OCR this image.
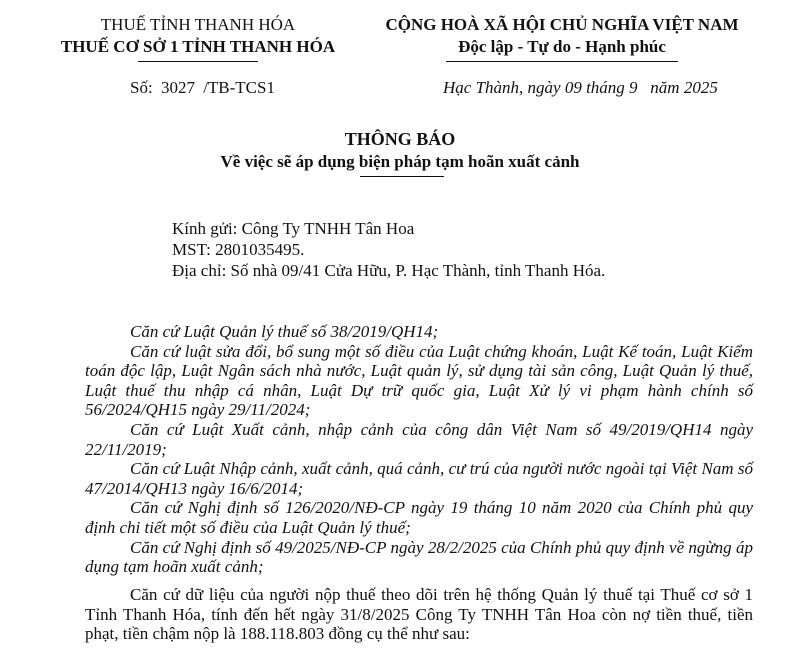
THUẾ TỈNH THANH HÓA
THUẾ CƠ SỞ 1 TỈNH THANH HÓA
CỘNG HOÀ XÃ HỘI CHỦ NGHĨA VIỆT NAM
Độc lập - Tự do - Hạnh phúc
Số: 3027 /TB-TCS1	Hạc Thành, ngày 09 tháng 9   năm 2025
THÔNG BÁO
Về việc sẽ áp dụng biện pháp tạm hoãn xuất cảnh
Kính gửi: Công Ty TNHH Tân Hoa
MST: 2801035495.
Địa chỉ: Số nhà 09/41 Cửa Hữu, P. Hạc Thành, tỉnh Thanh Hóa.

Căn cứ Luật Quản lý thuế số 38/2019/QH14;

Căn cứ luật sửa đổi, bổ sung một số điều của Luật chứng khoán, Luật Kế toán, Luật Kiểm toán độc lập, Luật Ngân sách nhà nước, Luật quản lý, sử dụng tài sản công, Luật Quản lý thuế, Luật thuế thu nhập cá nhân, Luật Dự trữ quốc gia, Luật Xử lý vi phạm hành chính số 56/2024/QH15 ngày 29/11/2024;

Căn cứ Luật Xuất cảnh, nhập cảnh của công dân Việt Nam số 49/2019/QH14 ngày 22/11/2019;

Căn cứ Luật Nhập cảnh, xuất cảnh, quá cảnh, cư trú của người nước ngoài tại Việt Nam số 47/2014/QH13 ngày 16/6/2014;

Căn cứ Nghị định số 126/2020/NĐ-CP ngày 19 tháng 10 năm 2020 của Chính phủ quy định chi tiết một số điều của Luật Quản lý thuế;

Căn cứ Nghị định số 49/2025/NĐ-CP ngày 28/2/2025 của Chính phủ quy định về ngừng áp dụng tạm hoãn xuất cảnh;

Căn cứ dữ liệu của người nộp thuế theo dõi trên hệ thống Quản lý thuế tại Thuế cơ sở 1 Tỉnh Thanh Hóa, tính đến hết ngày 31/8/2025 Công Ty TNHH Tân Hoa còn nợ tiền thuế, tiền phạt, tiền chậm nộp là 188.118.803 đồng cụ thể như sau:
